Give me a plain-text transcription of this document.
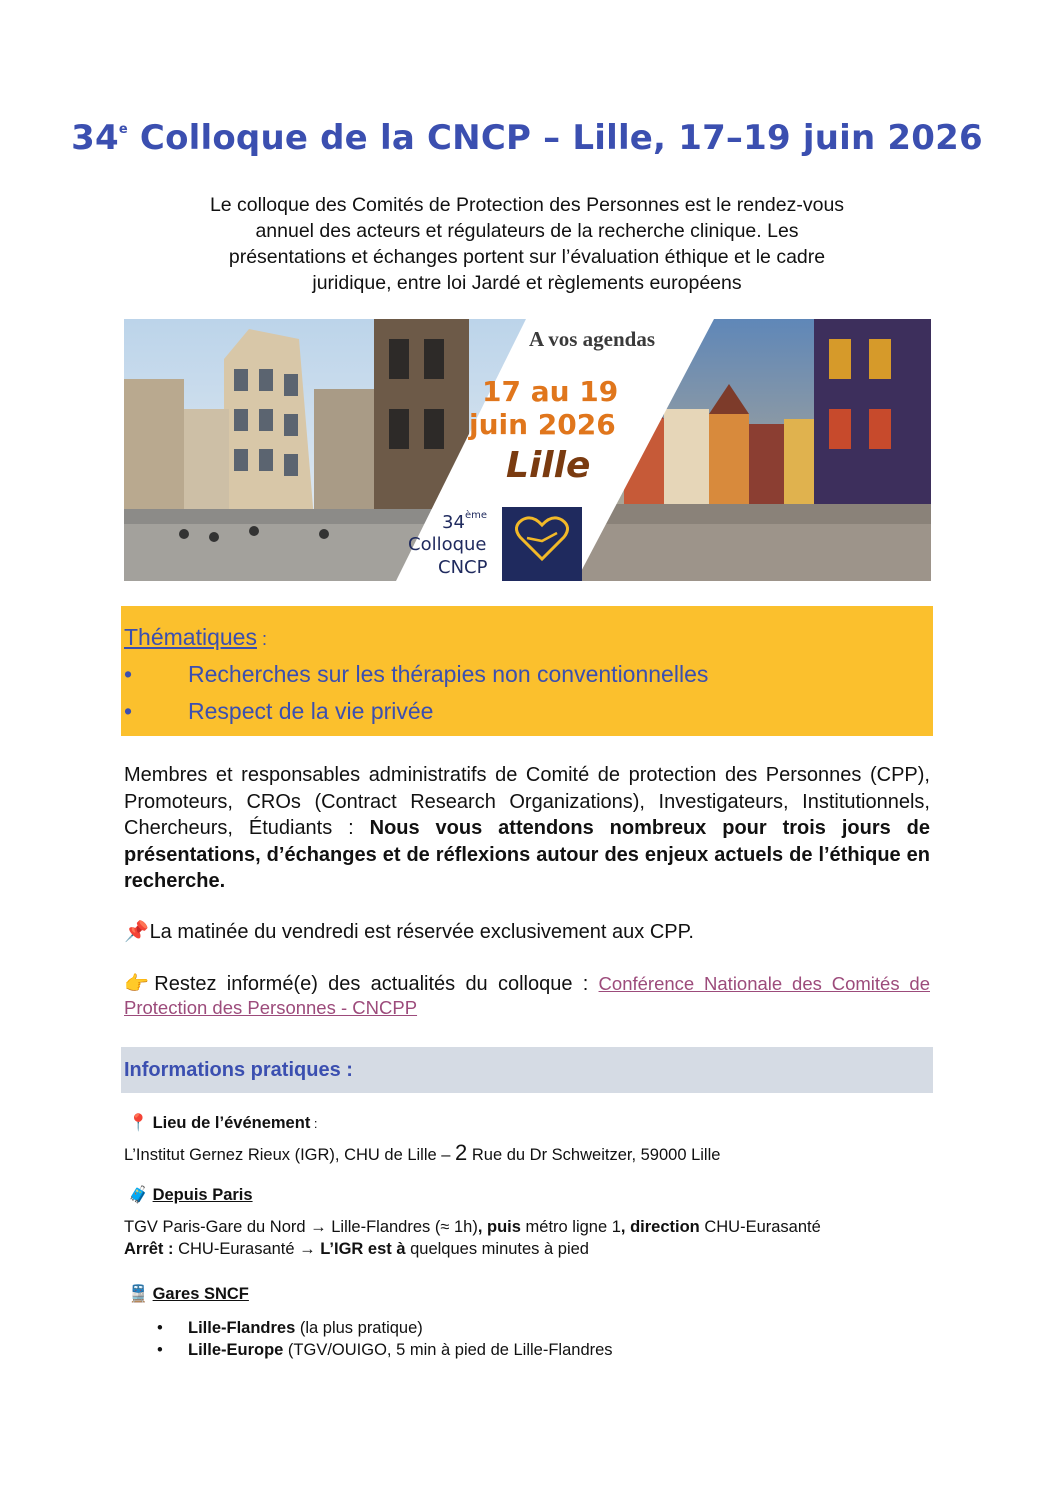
34e Colloque de la CNCP – Lille, 17–19 juin 2026
Le colloque des Comités de Protection des Personnes est le rendez-vous
annuel des acteurs et régulateurs de la recherche clinique. Les
présentations et échanges portent sur l’évaluation éthique et le cadre
juridique, entre loi Jardé et règlements européens
A vos agendas
17 au 19
juin 2026
Lille
34 ème
Colloque
CNCP
Thématiques :
• Recherches sur les thérapies non conventionnelles
• Respect de la vie privée
Membres et responsables administratifs de Comité de protection des Personnes (CPP), Promoteurs, CROs (Contract Research Organizations), Investigateurs, Institutionnels, Chercheurs, Étudiants : Nous vous attendons nombreux pour trois jours de présentations, d’échanges et de réflexions autour des enjeux actuels de l’éthique en recherche.
📌 La matinée du vendredi est réservée exclusivement aux CPP.
👉 Restez informé(e) des actualités du colloque : Conférence Nationale des Comités de Protection des Personnes - CNCPP
Informations pratiques :
📍 Lieu de l’événement :
L’Institut Gernez Rieux (IGR), CHU de Lille – 2 Rue du Dr Schweitzer, 59000 Lille
🧳 Depuis Paris
TGV Paris-Gare du Nord → Lille-Flandres (≈ 1h), puis métro ligne 1, direction CHU-Eurasanté
Arrêt : CHU-Eurasanté → L’IGR est à quelques minutes à pied
🚆 Gares SNCF
• Lille-Flandres (la plus pratique)
• Lille-Europe (TGV/OUIGO, 5 min à pied de Lille-Flandres
